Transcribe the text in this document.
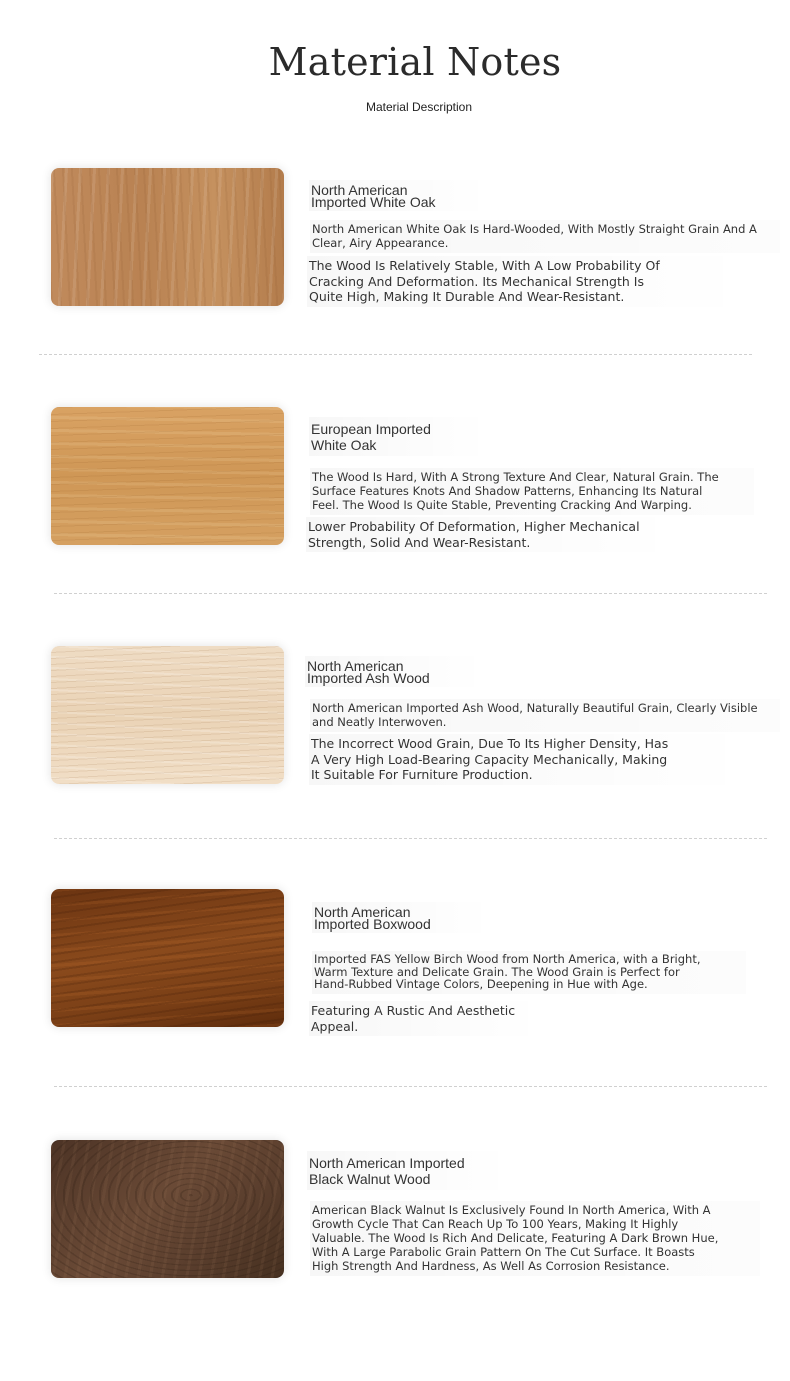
Material Notes
Material Description
North American
Imported White Oak
North American White Oak Is Hard-Wooded, With Mostly Straight Grain And A
Clear, Airy Appearance.
The Wood Is Relatively Stable, With A Low Probability Of
Cracking And Deformation. Its Mechanical Strength Is
Quite High, Making It Durable And Wear-Resistant.
European Imported
White Oak
The Wood Is Hard, With A Strong Texture And Clear, Natural Grain. The
Surface Features Knots And Shadow Patterns, Enhancing Its Natural
Feel. The Wood Is Quite Stable, Preventing Cracking And Warping.
Lower Probability Of Deformation, Higher Mechanical
Strength, Solid And Wear-Resistant.
North American
Imported Ash Wood
North American Imported Ash Wood, Naturally Beautiful Grain, Clearly Visible
and Neatly Interwoven.
The Incorrect Wood Grain, Due To Its Higher Density, Has
A Very High Load-Bearing Capacity Mechanically, Making
It Suitable For Furniture Production.
North American
Imported Boxwood
Imported FAS Yellow Birch Wood from North America, with a Bright,
Warm Texture and Delicate Grain. The Wood Grain is Perfect for
Hand-Rubbed Vintage Colors, Deepening in Hue with Age.
Featuring A Rustic And Aesthetic
Appeal.
North American Imported
Black Walnut Wood
American Black Walnut Is Exclusively Found In North America, With A
Growth Cycle That Can Reach Up To 100 Years, Making It Highly
Valuable. The Wood Is Rich And Delicate, Featuring A Dark Brown Hue,
With A Large Parabolic Grain Pattern On The Cut Surface. It Boasts
High Strength And Hardness, As Well As Corrosion Resistance.
